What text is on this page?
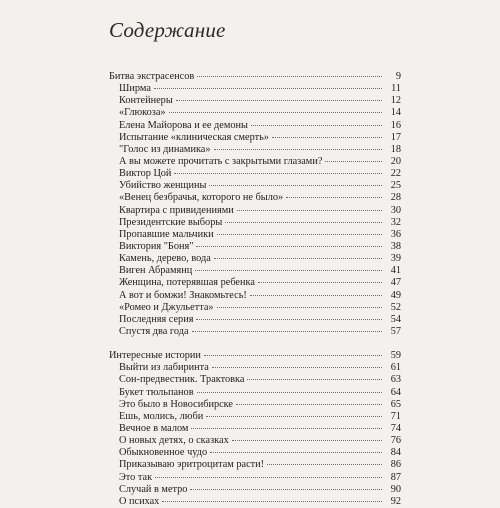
Содержание
Битва экстрасенсов	9
Ширма	11
Контейнеры	12
«Глюкоза»	14
Елена Майорова и ее демоны	16
Испытание «клиническая смерть»	17
"Голос из динамика»	18
А вы можете прочитать с закрытыми глазами?	20
Виктор Цой	22
Убийство женщины	25
«Венец безбрачья, которого не было»	28
Квартира с привидениями	30
Президентские выборы	32
Пропавшие мальчики	36
Виктория "Боня"	38
Камень, дерево, вода	39
Виген Абрамянц	41
Женщина, потерявшая ребенка	47
А вот и бомжи! Знакомьтесь!	49
«Ромео и Джульетта»	52
Последняя серия	54
Спустя два года	57
Интересные истории	59
Выйти из лабиринта	61
Сон-предвестник. Трактовка	63
Букет тюльпанов	64
Это было в Новосибирске	65
Ешь, молись, люби	71
Вечное в малом	74
О новых детях, о сказках	76
Обыкновенное чудо	84
Приказываю эритроцитам расти!	86
Это так	87
Случай в метро	90
О психах	92
